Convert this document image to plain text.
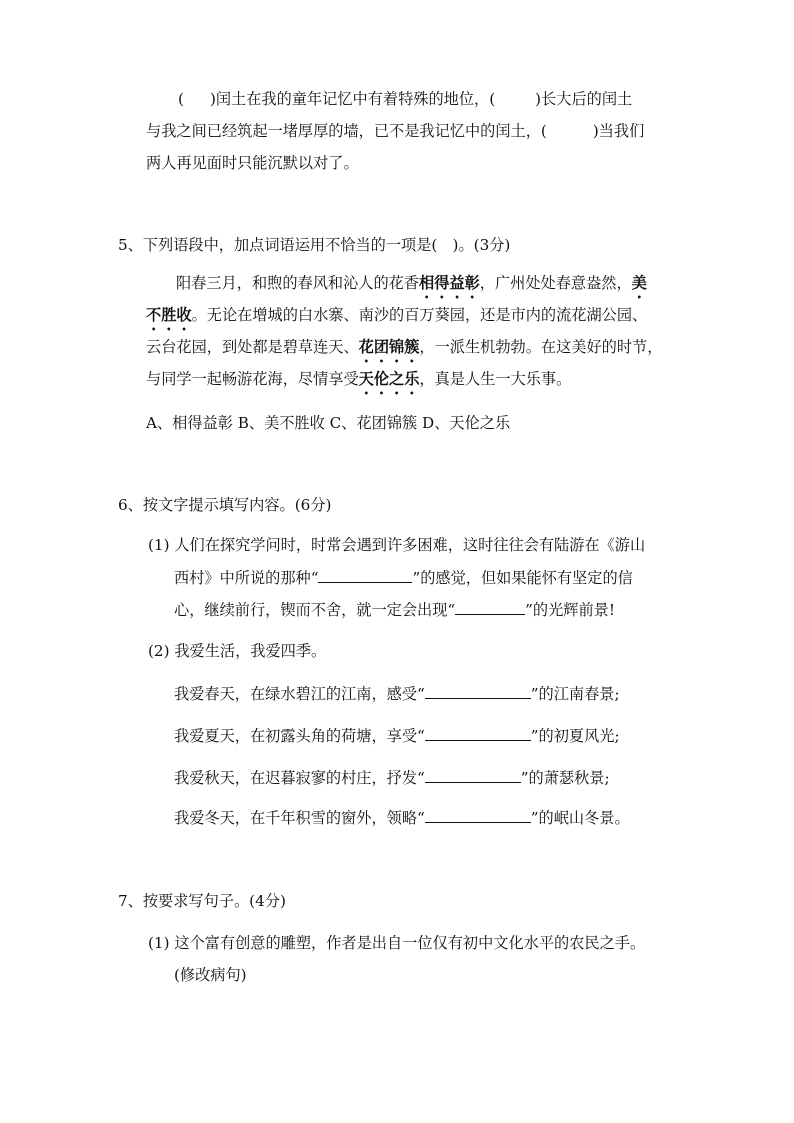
( )闰土在我的童年记忆中有着特殊的地位，(	)长大后的闰土
与我之间已经筑起一堵厚厚的墙，已不是我记忆中的闰土，(	)当我们
两人再见面时只能沉默以对了。
5、下列语段中，加点词语运用不恰当的一项是(　)。(3分)
阳春三月，和煦的春风和沁人的花香相得益彰，广州处处春意盎然，美
不胜收。无论在增城的白水寨、南沙的百万葵园，还是市内的流花湖公园、
云台花园，到处都是碧草连天、花团锦簇，一派生机勃勃。在这美好的时节，
与同学一起畅游花海，尽情享受天伦之乐，真是人生一大乐事。
A、相得益彰 B、美不胜收 C、花团锦簇 D、天伦之乐
6、按文字提示填写内容。(6分)
(1) 人们在探究学问时，时常会遇到许多困难，这时往往会有陆游在《游山
西村》中所说的那种“	”的感觉，但如果能怀有坚定的信
心，继续前行，锲而不舍，就一定会出现“	”的光辉前景!
(2) 我爱生活，我爱四季。
我爱春天，在绿水碧江的江南，感受“	”的江南春景;
我爱夏天，在初露头角的荷塘，享受“	”的初夏风光;
我爱秋天，在迟暮寂寥的村庄，抒发“	”的萧瑟秋景;
我爱冬天，在千年积雪的窗外，领略“	”的岷山冬景。
7、按要求写句子。(4分)
(1) 这个富有创意的雕塑，作者是出自一位仅有初中文化水平的农民之手。
(修改病句)
